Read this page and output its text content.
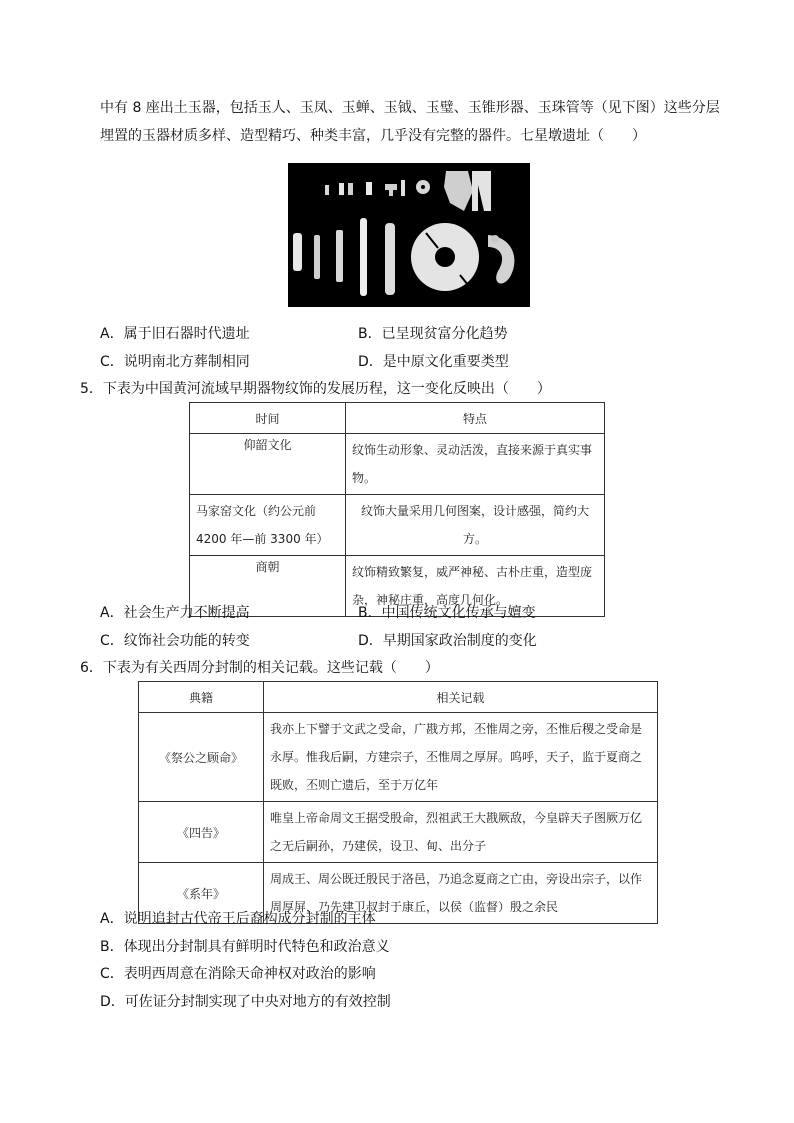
中有 8 座出土玉器，包括玉人、玉凤、玉蝉、玉钺、玉璧、玉锥形器、玉珠管等（见下图）这些分层
埋置的玉器材质多样、造型精巧、种类丰富，几乎没有完整的器件。七星墩遗址（　　）
A．属于旧石器时代遗址	B．已呈现贫富分化趋势
C．说明南北方葬制相同	D．是中原文化重要类型
5．下表为中国黄河流域早期器物纹饰的发展历程，这一变化反映出（　　）
时间	特点
仰韶文化	纹饰生动形象、灵动活泼，直接来源于真实事物。
马家窑文化（约公元前 4200 年—前 3300 年）	纹饰大量采用几何图案，设计感强，简约大方。
商朝	纹饰精致繁复，威严神秘、古朴庄重，造型庞杂，神秘庄重，高度几何化。
A．社会生产力不断提高	B．中国传统文化传承与嬗变
C．纹饰社会功能的转变	D．早期国家政治制度的变化
6．下表为有关西周分封制的相关记载。这些记载（　　）
典籍	相关记载
《祭公之顾命》	我亦上下譬于文武之受命，广戡方邦，丕惟周之旁，丕惟后稷之受命是永厚。惟我后嗣，方建宗子，丕惟周之厚屏。呜呼，天子，监于夏商之既败，丕则亡遗后，至于万亿年
《四告》	唯皇上帝命周文王据受殷命，烈祖武王大戡厥敌，今皇辟天子图厥万亿之无后嗣孙，乃建侯，设卫、甸、出分子
《系年》	周成王、周公既迁殷民于洛邑，乃追念夏商之亡由，旁设出宗子，以作周厚屏，乃先建卫叔封于康丘，以侯（监督）殷之余民
A．说明追封古代帝王后裔构成分封制的主体
B．体现出分封制具有鲜明时代特色和政治意义
C．表明西周意在消除天命神权对政治的影响
D．可佐证分封制实现了中央对地方的有效控制
